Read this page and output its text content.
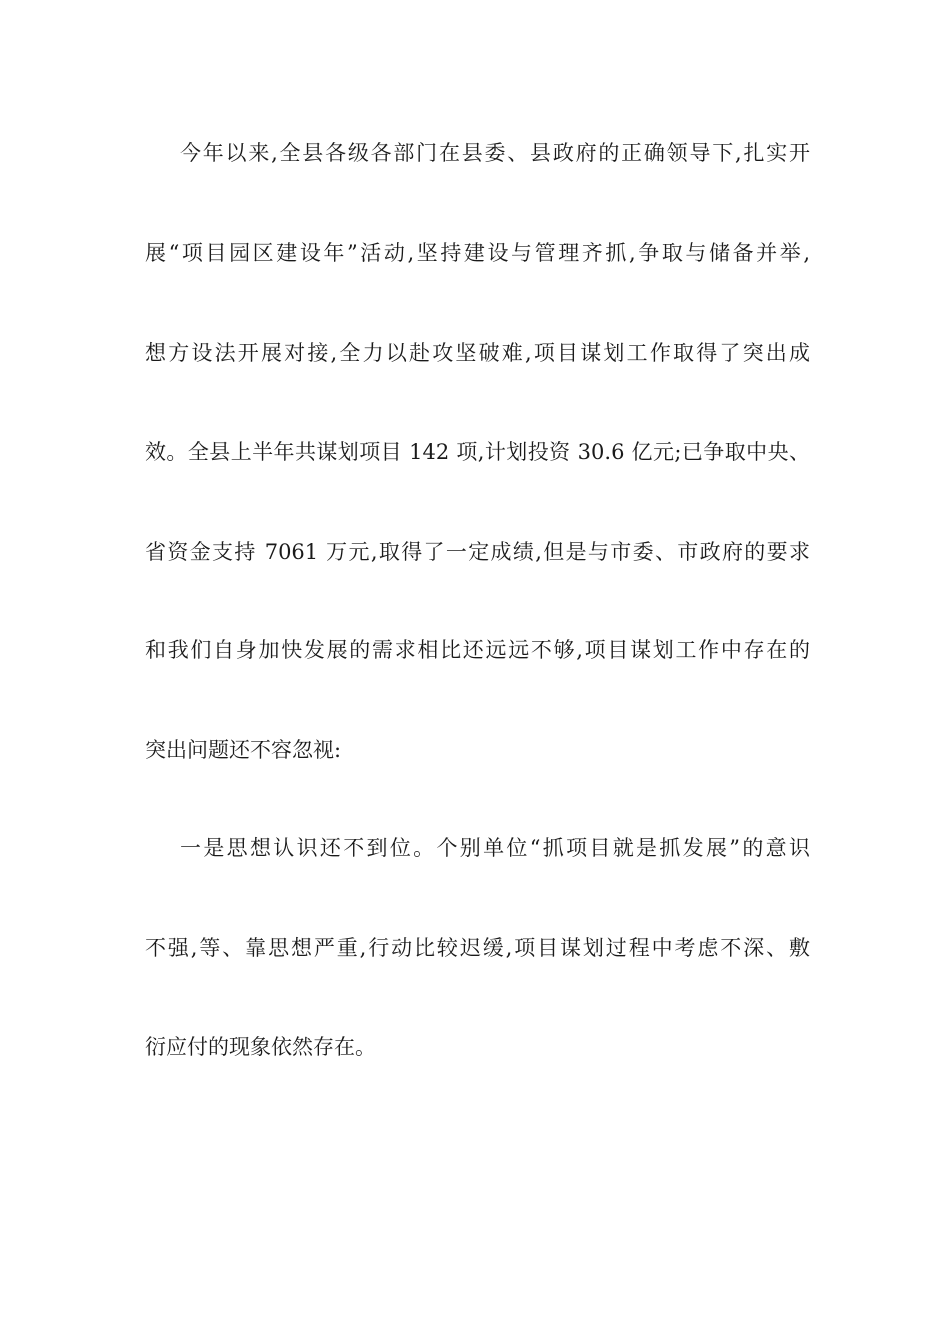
今年以来,全县各级各部门在县委、县政府的正确领导下,扎实开
展“项目园区建设年”活动,坚持建设与管理齐抓,争取与储备并举,
想方设法开展对接,全力以赴攻坚破难,项目谋划工作取得了突出成
效。全县上半年共谋划项目 142 项,计划投资 30.6 亿元;已争取中央、
省资金支持 7061 万元,取得了一定成绩,但是与市委、市政府的要求
和我们自身加快发展的需求相比还远远不够,项目谋划工作中存在的
突出问题还不容忽视:
一是思想认识还不到位。个别单位“抓项目就是抓发展”的意识
不强,等、靠思想严重,行动比较迟缓,项目谋划过程中考虑不深、敷
衍应付的现象依然存在。
